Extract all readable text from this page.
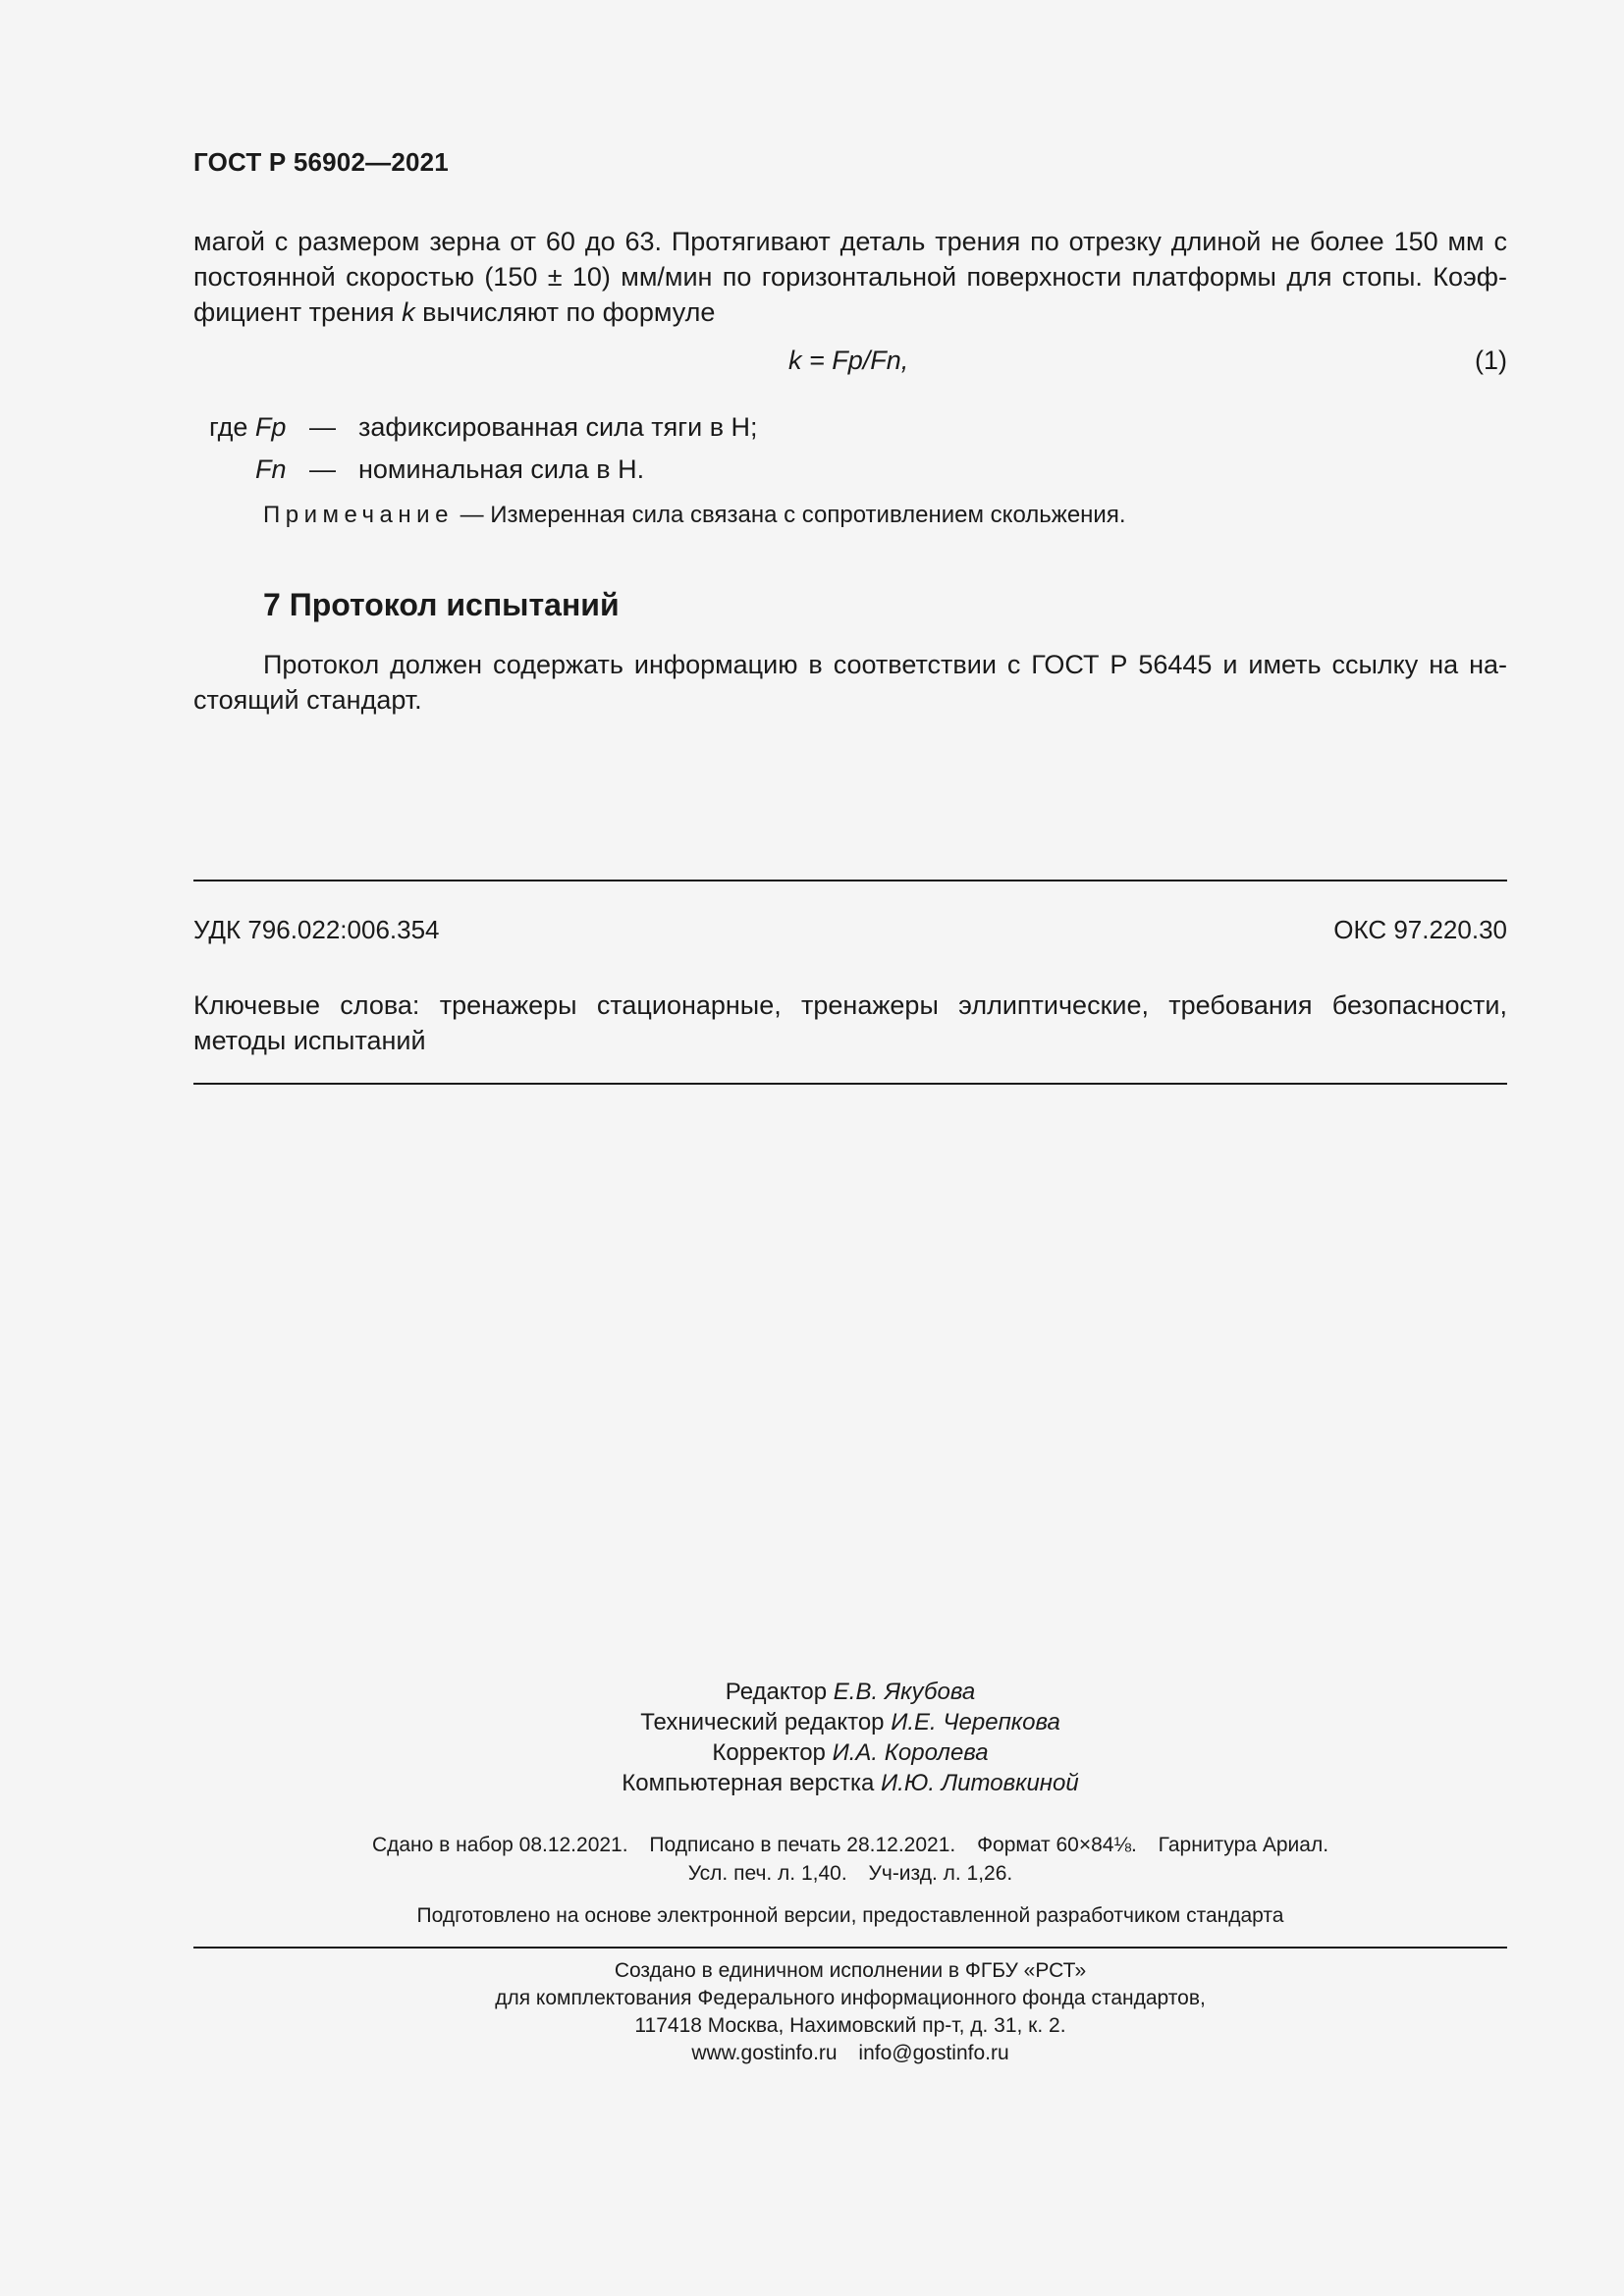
ГОСТ Р 56902—2021
магой с размером зерна от 60 до 63. Протягивают деталь трения по отрезку длиной не более 150 мм с
постоянной скоростью (150 ± 10) мм/мин по горизонтальной поверхности платформы для стопы. Коэф-
фициент трения k вычисляют по формуле
k = Fp/Fn,	(1)
где Fp — зафиксированная сила тяги в Н;
Fn — номинальная сила в Н.
Примечание — Измеренная сила связана с сопротивлением скольжения.
7 Протокол испытаний
Протокол должен содержать информацию в соответствии с ГОСТ Р 56445 и иметь ссылку на на-
стоящий стандарт.
УДК 796.022:006.354	ОКС 97.220.30
Ключевые слова: тренажеры стационарные, тренажеры эллиптические, требования безопасности,
методы испытаний
Редактор Е.В. Якубова
Технический редактор И.Е. Черепкова
Корректор И.А. Королева
Компьютерная верстка И.Ю. Литовкиной
Сдано в набор 08.12.2021. Подписано в печать 28.12.2021. Формат 60×84⅛. Гарнитура Ариал.
Усл. печ. л. 1,40. Уч-изд. л. 1,26.
Подготовлено на основе электронной версии, предоставленной разработчиком стандарта
Создано в единичном исполнении в ФГБУ «РСТ»
для комплектования Федерального информационного фонда стандартов,
117418 Москва, Нахимовский пр-т, д. 31, к. 2.
www.gostinfo.ru info@gostinfo.ru
